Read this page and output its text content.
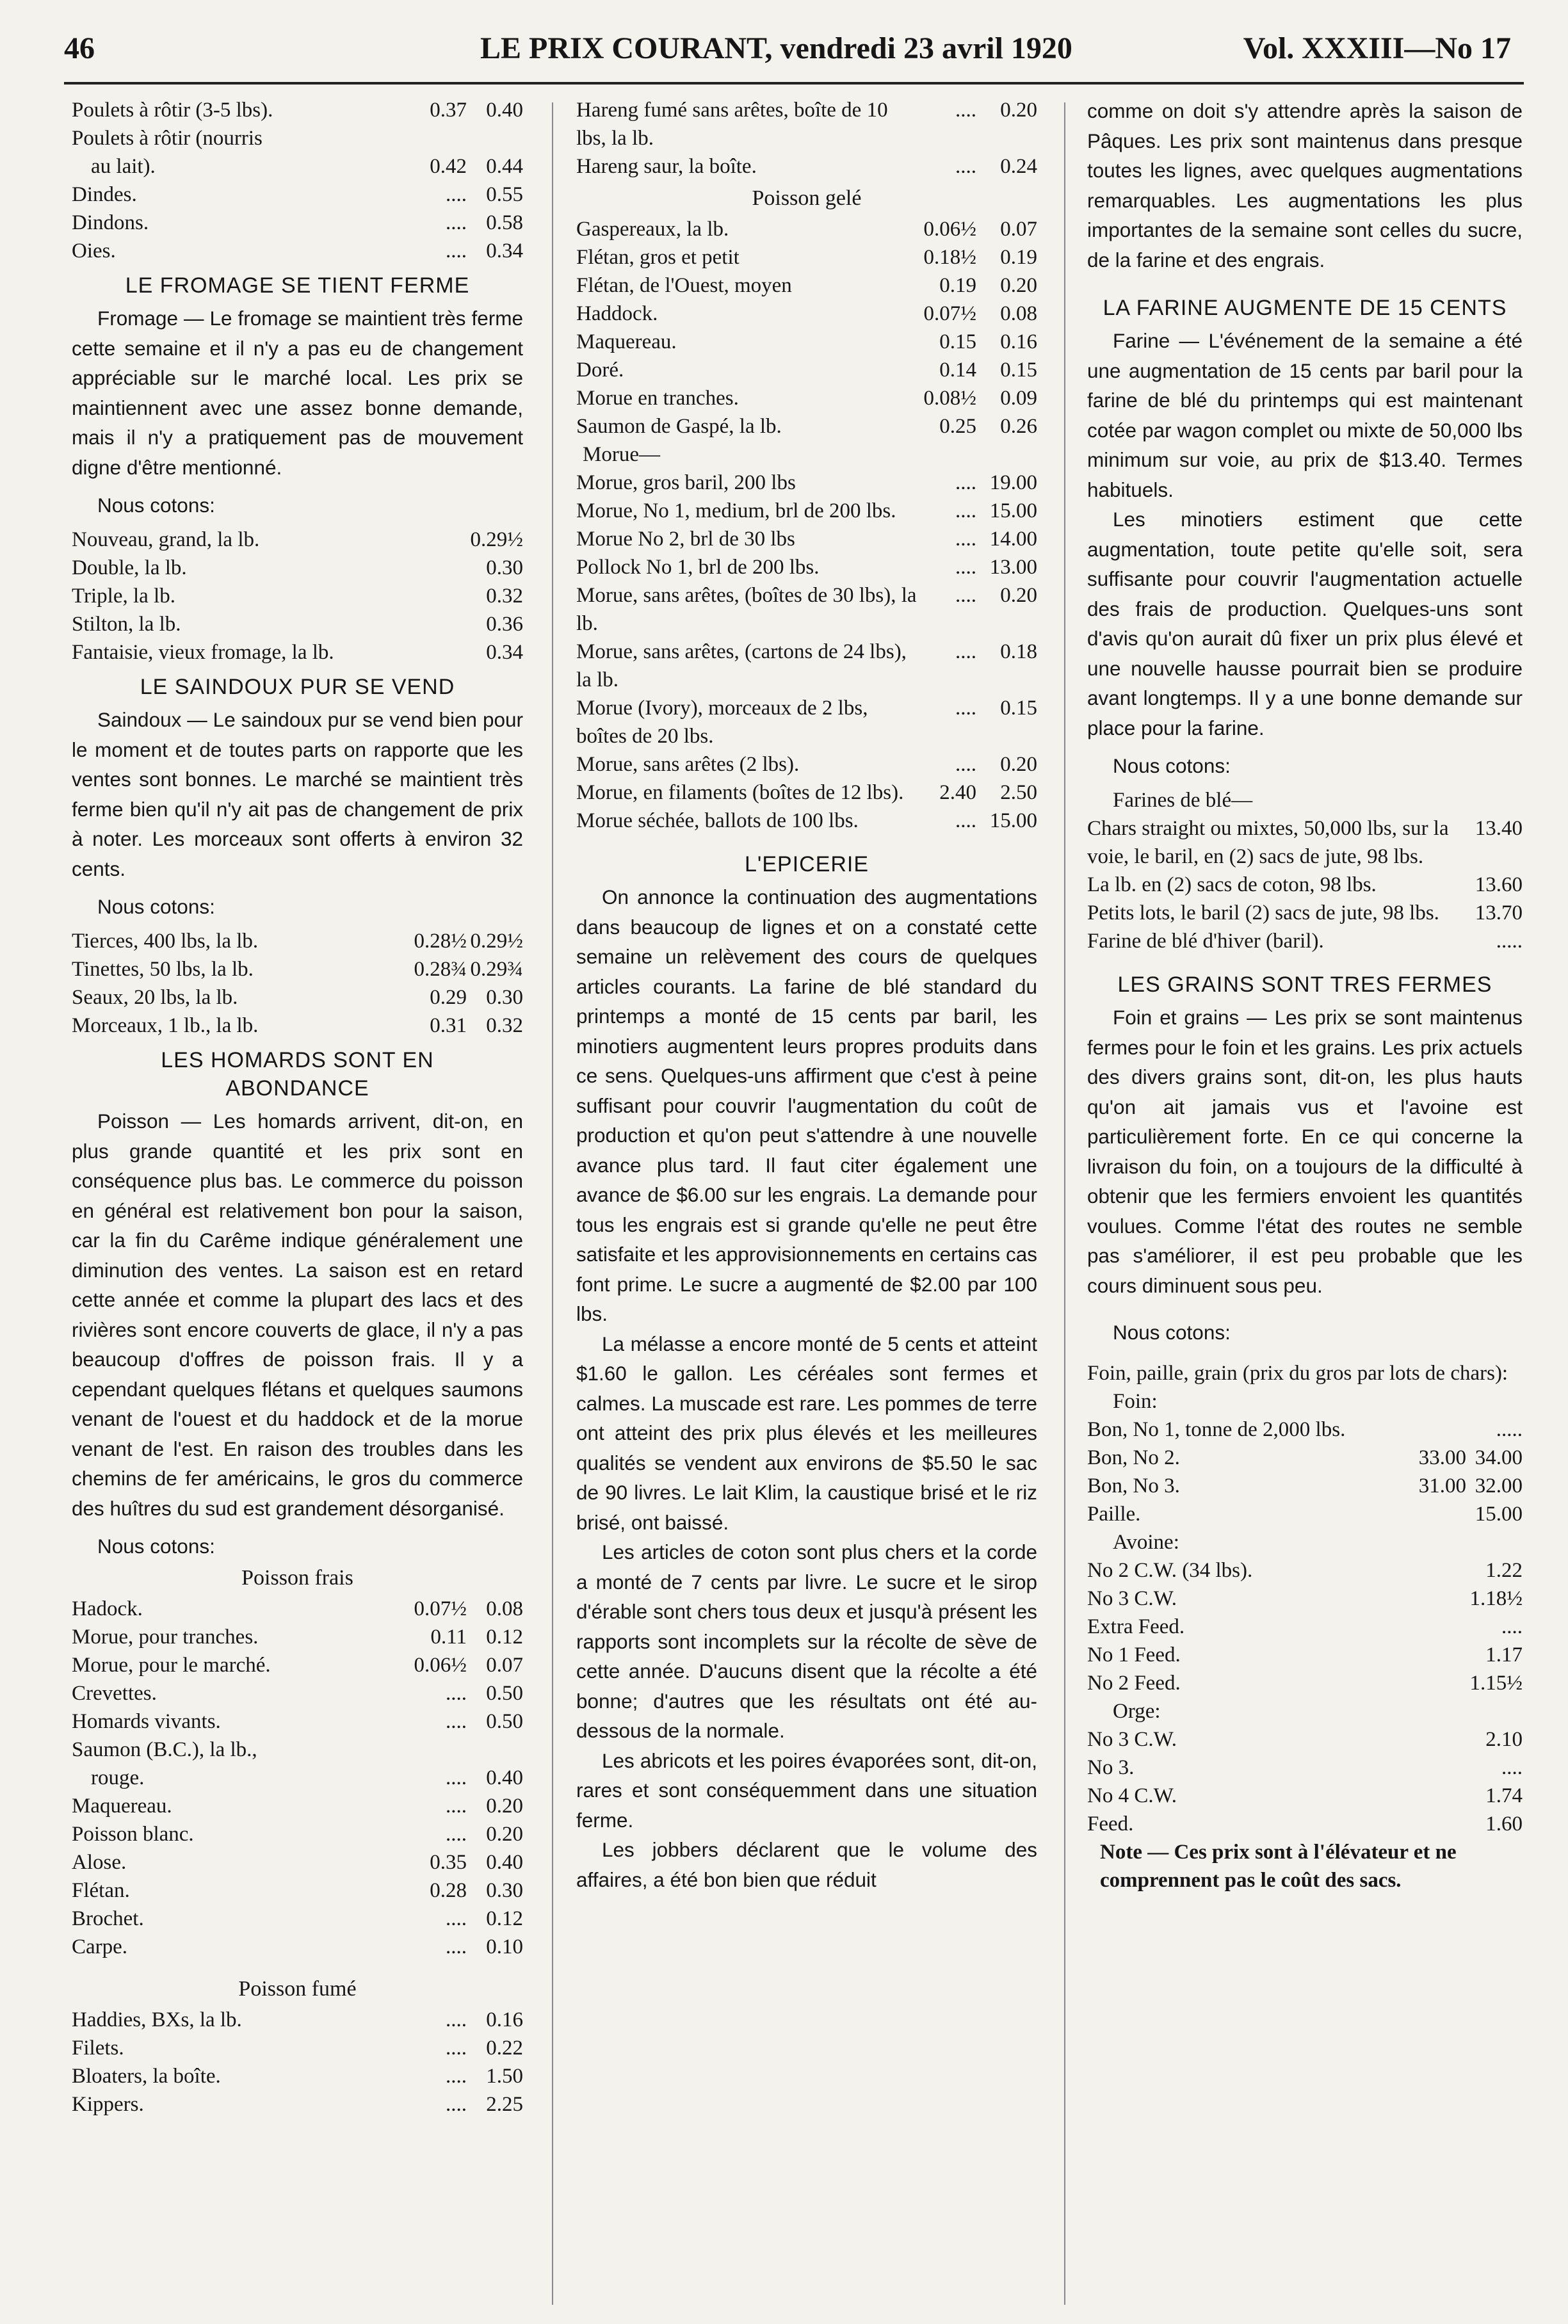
46	LE PRIX COURANT, vendredi 23 avril 1920	Vol. XXXIII—No 17
Poulets à rôtir (3-5 lbs).	0.37 0.40
Poulets à rôtir (nourris
au lait).	0.42 0.44
Dindes.	.... 0.55
Dindons.	.... 0.58
Oies.	.... 0.34
LE FROMAGE SE TIENT FERME

Fromage — Le fromage se maintient très ferme cette semaine et il n'y a pas eu de changement appréciable sur le marché local. Les prix se maintiennent avec une assez bonne demande, mais il n'y a pratiquement pas de mouvement digne d'être mentionné.

Nous cotons:
Nouveau, grand, la lb.	0.29½
Double, la lb.	0.30
Triple, la lb.	0.32
Stilton, la lb.	0.36
Fantaisie, vieux fromage, la lb.	0.34
LE SAINDOUX PUR SE VEND

Saindoux — Le saindoux pur se vend bien pour le moment et de toutes parts on rapporte que les ventes sont bonnes. Le marché se maintient très ferme bien qu'il n'y ait pas de changement de prix à noter. Les morceaux sont offerts à environ 32 cents.

Nous cotons:
Tierces, 400 lbs, la lb.	0.28½ 0.29½
Tinettes, 50 lbs, la lb.	0.28¾ 0.29¾
Seaux, 20 lbs, la lb.	0.29 0.30
Morceaux, 1 lb., la lb.	0.31 0.32
LES HOMARDS SONT EN
ABONDANCE

Poisson — Les homards arrivent, dit-on, en plus grande quantité et les prix sont en conséquence plus bas. Le commerce du poisson en général est relativement bon pour la saison, car la fin du Carême indique généralement une diminution des ventes. La saison est en retard cette année et comme la plupart des lacs et des rivières sont encore couverts de glace, il n'y a pas beaucoup d'offres de poisson frais. Il y a cependant quelques flétans et quelques saumons venant de l'ouest et du haddock et de la morue venant de l'est. En raison des troubles dans les chemins de fer américains, le gros du commerce des huîtres du sud est grandement désorganisé.

Nous cotons:
Poisson frais
Hadock.	0.07½ 0.08
Morue, pour tranches.	0.11 0.12
Morue, pour le marché.	0.06½ 0.07
Crevettes.	.... 0.50
Homards vivants.	.... 0.50
Saumon (B.C.), la lb.,
rouge.	.... 0.40
Maquereau.	.... 0.20
Poisson blanc.	.... 0.20
Alose.	0.35 0.40
Flétan.	0.28 0.30
Brochet.	.... 0.12
Carpe.	.... 0.10
Poisson fumé
Haddies, BXs, la lb.	.... 0.16
Filets.	.... 0.22
Bloaters, la boîte.	.... 1.50
Kippers.	.... 2.25
Hareng fumé sans arêtes, boîte de 10 lbs, la lb.
....	0.20
Hareng saur, la boîte.	....	0.24
Poisson gelé
Gaspereaux, la lb.	0.06½	0.07
Flétan, gros et petit	0.18½	0.19
Flétan, de l'Ouest, moyen	0.19	0.20
Haddock.	0.07½	0.08
Maquereau.	0.15	0.16
Doré.	0.14	0.15
Morue en tranches.	0.08½	0.09
Saumon de Gaspé, la lb.	0.25	0.26
Morue—
Morue, gros baril, 200 lbs	.... 19.00
Morue, No 1, medium, brl de 200 lbs.	.... 15.00
Morue No 2, brl de 30 lbs	.... 14.00
Pollock No 1, brl de 200 lbs.	.... 13.00
Morue, sans arêtes, (boîtes de 30 lbs), la lb.
....	0.20
Morue, sans arêtes, (cartons de 24 lbs), la lb.
....	0.18
Morue (Ivory), morceaux de 2 lbs, boîtes de 20 lbs.
....	0.15
Morue, sans arêtes (2 lbs).	....	0.20
Morue, en filaments (boîtes de 12 lbs).	2.40	2.50
Morue séchée, ballots de 100 lbs.	.... 15.00
L'EPICERIE

On annonce la continuation des augmentations dans beaucoup de lignes et on a constaté cette semaine un relèvement des cours de quelques articles courants. La farine de blé standard du printemps a monté de 15 cents par baril, les minotiers augmentent leurs propres produits dans ce sens. Quelques-uns affirment que c'est à peine suffisant pour couvrir l'augmentation du coût de production et qu'on peut s'attendre à une nouvelle avance plus tard. Il faut citer également une avance de $6.00 sur les engrais. La demande pour tous les engrais est si grande qu'elle ne peut être satisfaite et les approvisionnements en certains cas font prime. Le sucre a augmenté de $2.00 par 100 lbs.

La mélasse a encore monté de 5 cents et atteint $1.60 le gallon. Les céréales sont fermes et calmes. La muscade est rare. Les pommes de terre ont atteint des prix plus élevés et les meilleures qualités se vendent aux environs de $5.50 le sac de 90 livres. Le lait Klim, la caustique brisé et le riz brisé, ont baissé.

Les articles de coton sont plus chers et la corde a monté de 7 cents par livre. Le sucre et le sirop d'érable sont chers tous deux et jusqu'à présent les rapports sont incomplets sur la récolte de sève de cette année. D'aucuns disent que la récolte a été bonne; d'autres que les résultats ont été au-dessous de la normale.

Les abricots et les poires évaporées sont, dit-on, rares et sont conséquemment dans une situation ferme.

Les jobbers déclarent que le volume des affaires, a été bon bien que réduit

comme on doit s'y attendre après la saison de Pâques. Les prix sont maintenus dans presque toutes les lignes, avec quelques augmentations remarquables. Les augmentations les plus importantes de la semaine sont celles du sucre, de la farine et des engrais.

LA FARINE AUGMENTE DE 15 CENTS

Farine — L'événement de la semaine a été une augmentation de 15 cents par baril pour la farine de blé du printemps qui est maintenant cotée par wagon complet ou mixte de 50,000 lbs minimum sur voie, au prix de $13.40. Termes habituels.

Les minotiers estiment que cette augmentation, toute petite qu'elle soit, sera suffisante pour couvrir l'augmentation actuelle des frais de production. Quelques-uns sont d'avis qu'on aurait dû fixer un prix plus élevé et une nouvelle hausse pourrait bien se produire avant longtemps. Il y a une bonne demande sur place pour la farine.

Nous cotons:
Farines de blé—
Chars straight ou mixtes, 50,000 lbs, sur la voie, le baril, en (2) sacs de jute, 98 lbs.
13.40
La lb. en (2) sacs de coton, 98 lbs.	13.60
Petits lots, le baril (2) sacs de jute, 98 lbs.	13.70
Farine de blé d'hiver (baril).	.....
LES GRAINS SONT TRES FERMES

Foin et grains — Les prix se sont maintenus fermes pour le foin et les grains. Les prix actuels des divers grains sont, dit-on, les plus hauts qu'on ait jamais vus et l'avoine est particulièrement forte. En ce qui concerne la livraison du foin, on a toujours de la difficulté à obtenir que les fermiers envoient les quantités voulues. Comme l'état des routes ne semble pas s'améliorer, il est peu probable que les cours diminuent sous peu.

Nous cotons:
Foin, paille, grain (prix du gros par lots de chars):
Foin:
Bon, No 1, tonne de 2,000 lbs.	.....
Bon, No 2.	33.00 34.00
Bon, No 3.	31.00 32.00
Paille.	15.00
Avoine:
No 2 C.W. (34 lbs).	1.22
No 3 C.W.	1.18½
Extra Feed.	....
No 1 Feed.	1.17
No 2 Feed.	1.15½
Orge:
No 3 C.W.	2.10
No 3.	....
No 4 C.W.	1.74
Feed.	1.60
Note — Ces prix sont à l'élévateur et ne comprennent pas le coût des sacs.
